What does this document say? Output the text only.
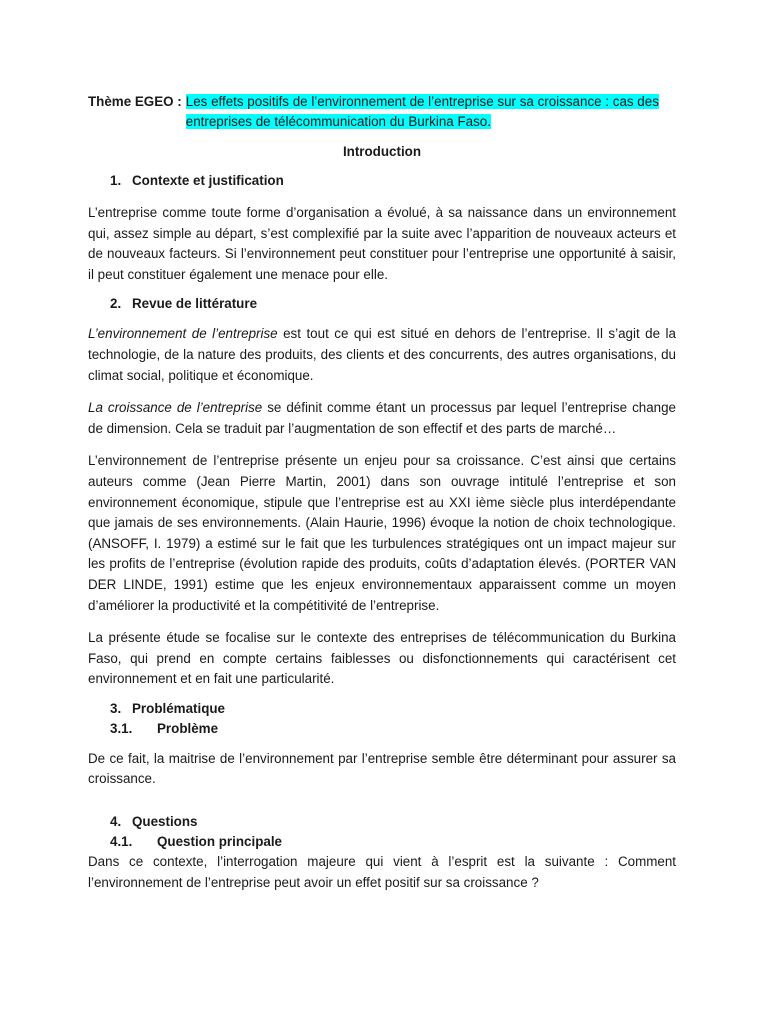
Thème EGEO : Les effets positifs de l’environnement de l’entreprise sur sa croissance : cas des entreprises de télécommunication du Burkina Faso.
Introduction
1. Contexte et justification

L’entreprise comme toute forme d’organisation a évolué, à sa naissance dans un environnement qui, assez simple au départ, s’est complexifié par la suite avec l’apparition de nouveaux acteurs et de nouveaux facteurs. Si l’environnement peut constituer pour l’entreprise une opportunité à saisir, il peut constituer également une menace pour elle.

2. Revue de littérature

L’environnement de l’entreprise est tout ce qui est situé en dehors de l’entreprise. Il s’agit de la technologie, de la nature des produits, des clients et des concurrents, des autres organisations, du climat social, politique et économique.

La croissance de l’entreprise se définit comme étant un processus par lequel l’entreprise change de dimension. Cela se traduit par l’augmentation de son effectif et des parts de marché…

L’environnement de l’entreprise présente un enjeu pour sa croissance. C’est ainsi que certains auteurs comme (Jean Pierre Martin, 2001) dans son ouvrage intitulé l’entreprise et son environnement économique, stipule que l’entreprise est au XXI ième siècle plus interdépendante que jamais de ses environnements. (Alain Haurie, 1996) évoque la notion de choix technologique. (ANSOFF, I. 1979) a estimé sur le fait que les turbulences stratégiques ont un impact majeur sur les profits de l’entreprise (évolution rapide des produits, coûts d’adaptation élevés. (PORTER VAN DER LINDE, 1991) estime que les enjeux environnementaux apparaissent comme un moyen d’améliorer la productivité et la compétitivité de l’entreprise.

La présente étude se focalise sur le contexte des entreprises de télécommunication du Burkina Faso, qui prend en compte certains faiblesses ou disfonctionnements qui caractérisent cet environnement et en fait une particularité.

3. Problématique
3.1.	Problème

De ce fait, la maitrise de l’environnement par l’entreprise semble être déterminant pour assurer sa croissance.

4. Questions
4.1.	Question principale

Dans ce contexte, l’interrogation majeure qui vient à l’esprit est la suivante : Comment l’environnement de l’entreprise peut avoir un effet positif sur sa croissance ?
